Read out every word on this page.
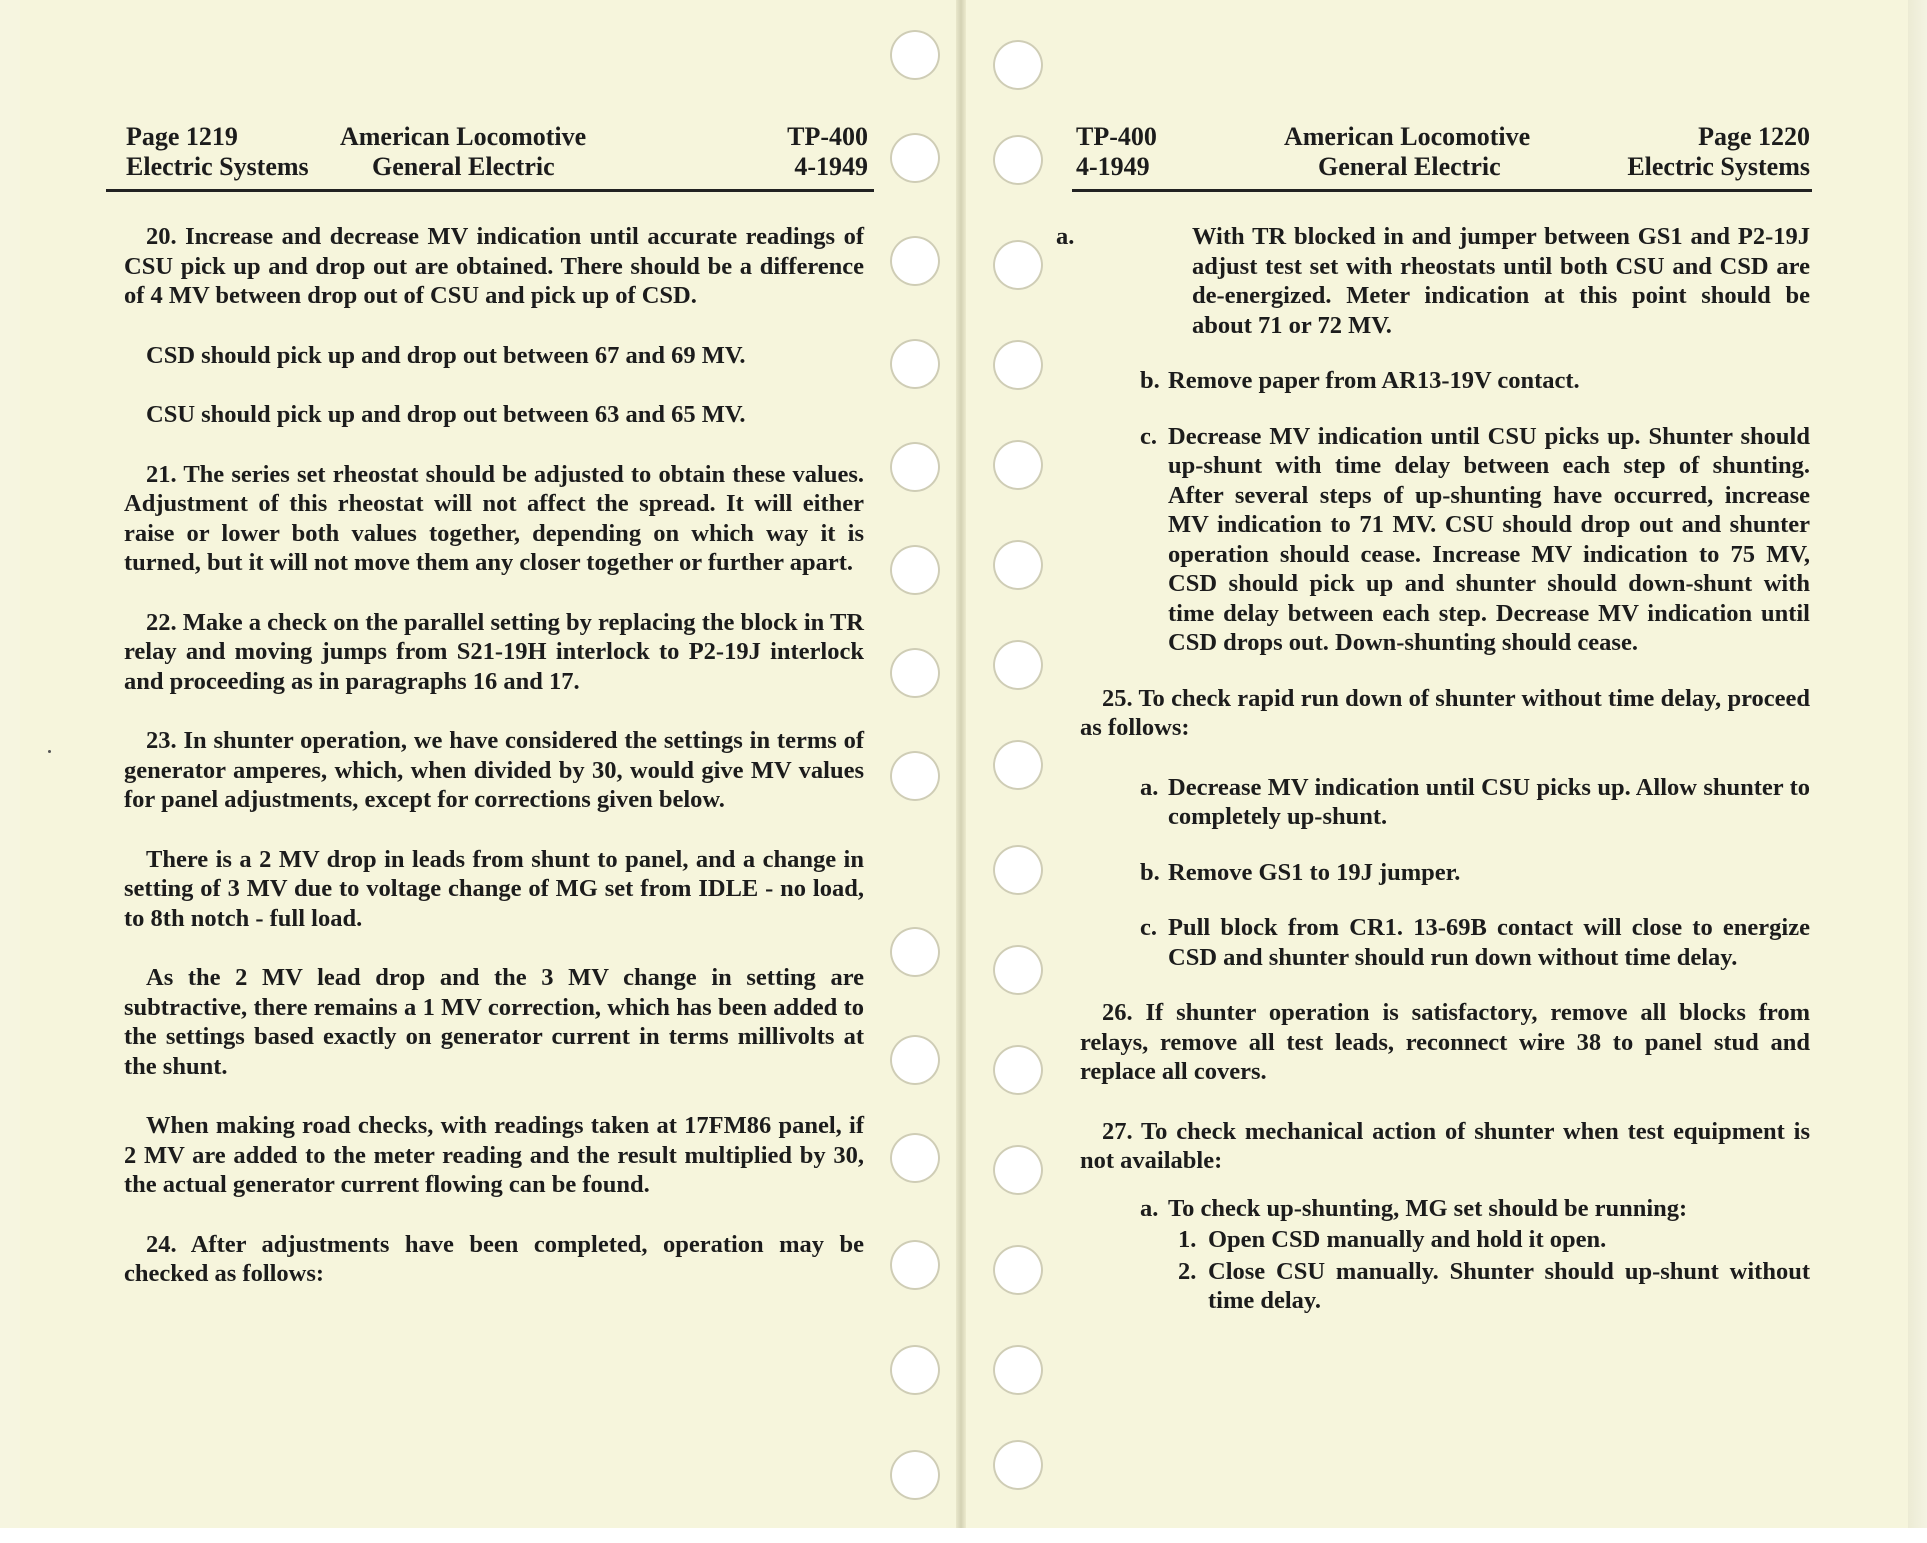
Page 1219	American Locomotive	TP-400
Electric Systems General Electric	4-1949
TP-400	American Locomotive	Page 1220
4-1949	General Electric	Electric Systems

20. Increase and decrease MV indication until accurate readings of CSU pick up and drop out are obtained. There should be a difference of 4 MV between drop out of CSU and pick up of CSD.

CSD should pick up and drop out between 67 and 69 MV.

CSU should pick up and drop out between 63 and 65 MV.

21. The series set rheostat should be adjusted to obtain these values. Adjustment of this rheostat will not affect the spread. It will either raise or lower both values together, depending on which way it is turned, but it will not move them any closer together or further apart.

22. Make a check on the parallel setting by replacing the block in TR relay and moving jumps from S21-19H interlock to P2-19J interlock and proceeding as in paragraphs 16 and 17.

23. In shunter operation, we have considered the settings in terms of generator amperes, which, when divided by 30, would give MV values for panel adjustments, except for corrections given below.

There is a 2 MV drop in leads from shunt to panel, and a change in setting of 3 MV due to voltage change of MG set from IDLE - no load, to 8th notch - full load.

As the 2 MV lead drop and the 3 MV change in setting are subtractive, there remains a 1 MV correction, which has been added to the settings based exactly on generator current in terms millivolts at the shunt.

When making road checks, with readings taken at 17FM86 panel, if 2 MV are added to the meter reading and the result multiplied by 30, the actual generator current flowing can be found.

24. After adjustments have been completed, operation may be checked as follows:

a.	With TR blocked in and jumper between GS1 and P2-19J adjust test set with rheostats until both CSU and CSD are de-energized. Meter indication at this point should be about 71 or 72 MV.
b. Remove paper from AR13-19V contact.
c. Decrease MV indication until CSU picks up. Shunter should up-shunt with time delay between each step of shunting. After several steps of up-shunting have occurred, increase MV indication to 71 MV. CSU should drop out and shunter operation should cease. Increase MV indication to 75 MV, CSD should pick up and shunter should down-shunt with time delay between each step. Decrease MV indication until CSD drops out. Down-shunting should cease.

25. To check rapid run down of shunter without time delay, proceed as follows:

a. Decrease MV indication until CSU picks up. Allow shunter to completely up-shunt.
b. Remove GS1 to 19J jumper.
c. Pull block from CR1. 13-69B contact will close to energize CSD and shunter should run down without time delay.

26. If shunter operation is satisfactory, remove all blocks from relays, remove all test leads, reconnect wire 38 to panel stud and replace all covers.

27. To check mechanical action of shunter when test equipment is not available:

a. To check up-shunting, MG set should be running:
1. Open CSD manually and hold it open.
2. Close CSU manually. Shunter should up-shunt without time delay.
